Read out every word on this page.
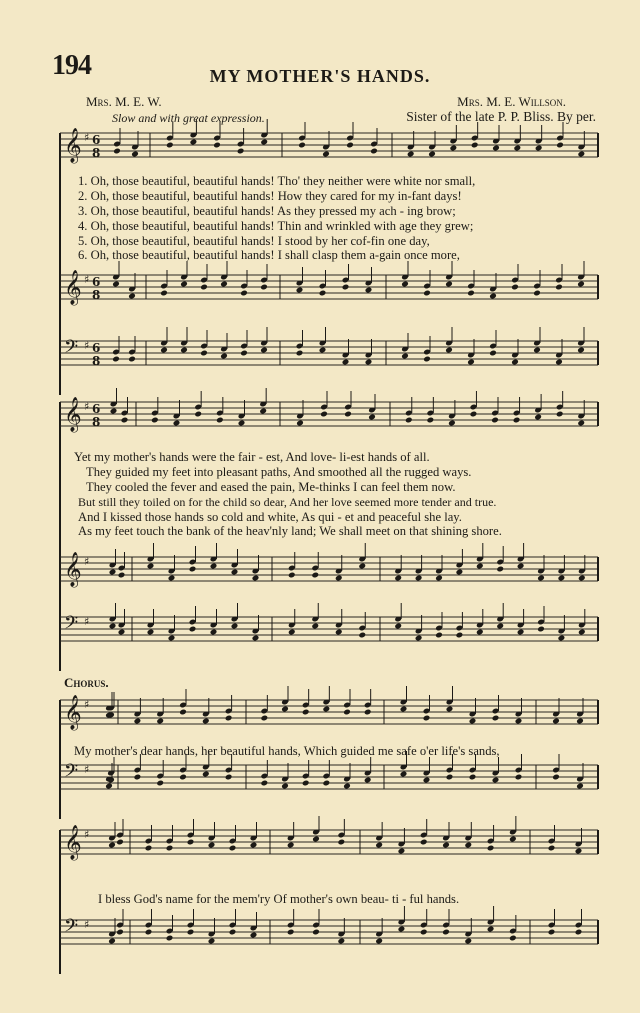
𝄞 ♯ 6
8
𝄞 ♯ 6
8
𝄢 ♯ 6
8
𝄞 ♯ 6
8
𝄞 ♯
𝄢 ♯
𝄞 ♯
𝄢 ♯
𝄞 ♯
𝄢 ♯
194	MY MOTHER'S HANDS.
Mrs. M. E. W.	Mrs. M. E. Willson.
Slow and with great expression.	Sister of the late P. P. Bliss. By per.
1. Oh, those beautiful, beautiful hands! Tho' they neither were white nor small,
2. Oh, those beautiful, beautiful hands! How they cared for my in-fant days!
3. Oh, those beautiful, beautiful hands! As they pressed my ach - ing brow;
4. Oh, those beautiful, beautiful hands! Thin and wrinkled with age they grew;
5. Oh, those beautiful, beautiful hands! I stood by her cof-fin one day,
6. Oh, those beautiful, beautiful hands! I shall clasp them a-gain once more,
Yet my mother's hands were the fair - est, And love- li-est hands of all.
They guided my feet into pleasant paths, And smoothed all the rugged ways.
They cooled the fever and eased the pain, Me-thinks I can feel them now.
But still they toiled on for the child so dear, And her love seemed more tender and true.
And I kissed those hands so cold and white, As qui - et and peaceful she lay.
As my feet touch the bank of the heav'nly land; We shall meet on that shining shore.
Chorus.
My mother's dear hands, her beautiful hands, Which guided me safe o'er life's sands,
I bless God's name for the mem'ry Of mother's own beau- ti - ful hands.
